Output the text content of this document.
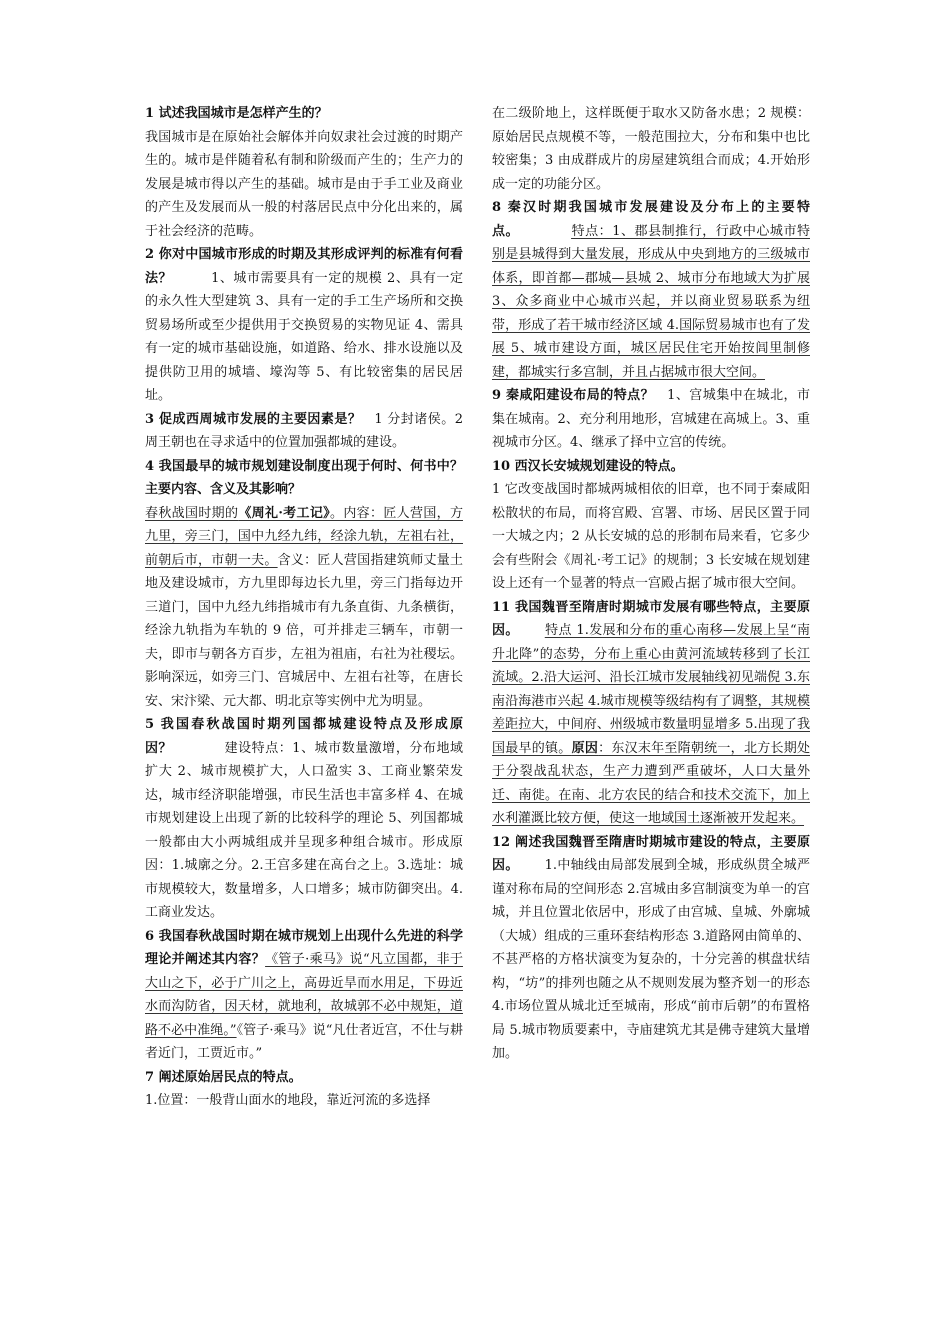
1 试述我国城市是怎样产生的？
我国城市是在原始社会解体并向奴隶社会过渡的时期产生的。城市是伴随着私有制和阶级而产生的；生产力的发展是城市得以产生的基础。城市是由于手工业及商业的产生及发展而从一般的村落居民点中分化出来的，属于社会经济的范畴。

2 你对中国城市形成的时期及其形成评判的标准有何看法？   	1、城市需要具有一定的规模 2、具有一定的永久性大型建筑 3、具有一定的手工生产场所和交换贸易场所或至少提供用于交换贸易的实物见证 4、需具有一定的城市基础设施，如道路、给水、排水设施以及提供防卫用的城墙、壕沟等 5、有比较密集的居民居址。

3 促成西周城市发展的主要因素是？  1 分封诸侯。2 周王朝也在寻求适中的位置加强都城的建设。

4 我国最早的城市规划建设制度出现于何时、何书中？主要内容、含义及其影响？
春秋战国时期的《周礼·考工记》。内容：匠人营国，方九里，旁三门，国中九经九纬，经涂九轨，左祖右社，前朝后市，市朝一夫。含义：匠人营国指建筑师丈量土地及建设城市，方九里即每边长九里，旁三门指每边开三道门，国中九经九纬指城市有九条直街、九条横街，经涂九轨指为车轨的 9 倍，可并排走三辆车，市朝一夫，即市与朝各方百步，左祖为祖庙，右社为社稷坛。影响深远，如旁三门、宫城居中、左祖右社等，在唐长安、宋汴梁、元大都、明北京等实例中尤为明显。

5 我国春秋战国时期列国都城建设特点及形成原因？    	建设特点：1、城市数量激增，分布地域扩大 2、城市规模扩大，人口盈实 3、工商业繁荣发达，城市经济职能增强，市民生活也丰富多样 4、在城市规划建设上出现了新的比较科学的理论 5、列国都城一般都由大小两城组成并呈现多种组合城市。形成原因：1.城廓之分。2.王宫多建在高台之上。3.选址：城市规模较大，数量增多，人口增多；城市防御突出。4.工商业发达。

6 我国春秋战国时期在城市规划上出现什么先进的科学理论并阐述其内容？《管子·乘马》说“凡立国都，非于大山之下，必于广川之上，高毋近旱而水用足，下毋近水而沟防省，因天材，就地利，故城郭不必中规矩，道路不必中准绳。”《管子·乘马》说“凡仕者近宫，不仕与耕者近门，工贾近市。”

7 阐述原始居民点的特点。
1.位置：一般背山面水的地段，靠近河流的多选择

在二级阶地上，这样既便于取水又防备水患；2 规模：原始居民点规模不等，一般范围拉大，分布和集中也比较密集；3 由成群成片的房屋建筑组合而成；4.开始形成一定的功能分区。

8 秦汉时期我国城市发展建设及分布上的主要特点。    	特点：1、郡县制推行，行政中心城市特别是县城得到大量发展，形成从中央到地方的三级城市体系，即首都—郡城—县城 2、城市分布地域大为扩展 3、众多商业中心城市兴起，并以商业贸易联系为纽带，形成了若干城市经济区域 4.国际贸易城市也有了发展 5、城市建设方面，城区居民住宅开始按闾里制修建，都城实行多宫制，并且占据城市很大空间。

9 秦咸阳建设布局的特点？  1、宫城集中在城北，市集在城南。2、充分利用地形，宫城建在高城上。3、重视城市分区。4、继承了择中立宫的传统。

10 西汉长安城规划建设的特点。
1 它改变战国时都城两城相依的旧章，也不同于秦咸阳松散状的布局，而将宫殿、宫署、市场、居民区置于同一大城之内；2 从长安城的总的形制布局来看，它多少会有些附会《周礼·考工记》的规制；3 长安城在规划建设上还有一个显著的特点一宫殿占据了城市很大空间。

11 我国魏晋至隋唐时期城市发展有哪些特点，主要原因。   特点 1.发展和分布的重心南移—发展上呈“南升北降”的态势，分布上重心由黄河流域转移到了长江流域。2.沿大运河、沿长江城市发展轴线初见端倪 3.东南沿海港市兴起 4.城市规模等级结构有了调整，其规模差距拉大，中间府、州级城市数量明显增多 5.出现了我国最早的镇。原因：东汉末年至隋朝统一，北方长期处于分裂战乱状态，生产力遭到严重破坏，人口大量外迁、南徙。在南、北方农民的结合和技术交流下，加上水利灌溉比较方便，使这一地域国土逐渐被开发起来。

12 阐述我国魏晋至隋唐时期城市建设的特点，主要原因。   1.中轴线由局部发展到全城，形成纵贯全城严谨对称布局的空间形态 2.宫城由多宫制演变为单一的宫城，并且位置北依居中，形成了由宫城、皇城、外廓城（大城）组成的三重环套结构形态 3.道路网由简单的、不甚严格的方格状演变为复杂的，十分完善的棋盘状结构，“坊”的排列也随之从不规则发展为整齐划一的形态 4.市场位置从城北迁至城南，形成“前市后朝”的布置格局 5.城市物质要素中，寺庙建筑尤其是佛寺建筑大量增加。
